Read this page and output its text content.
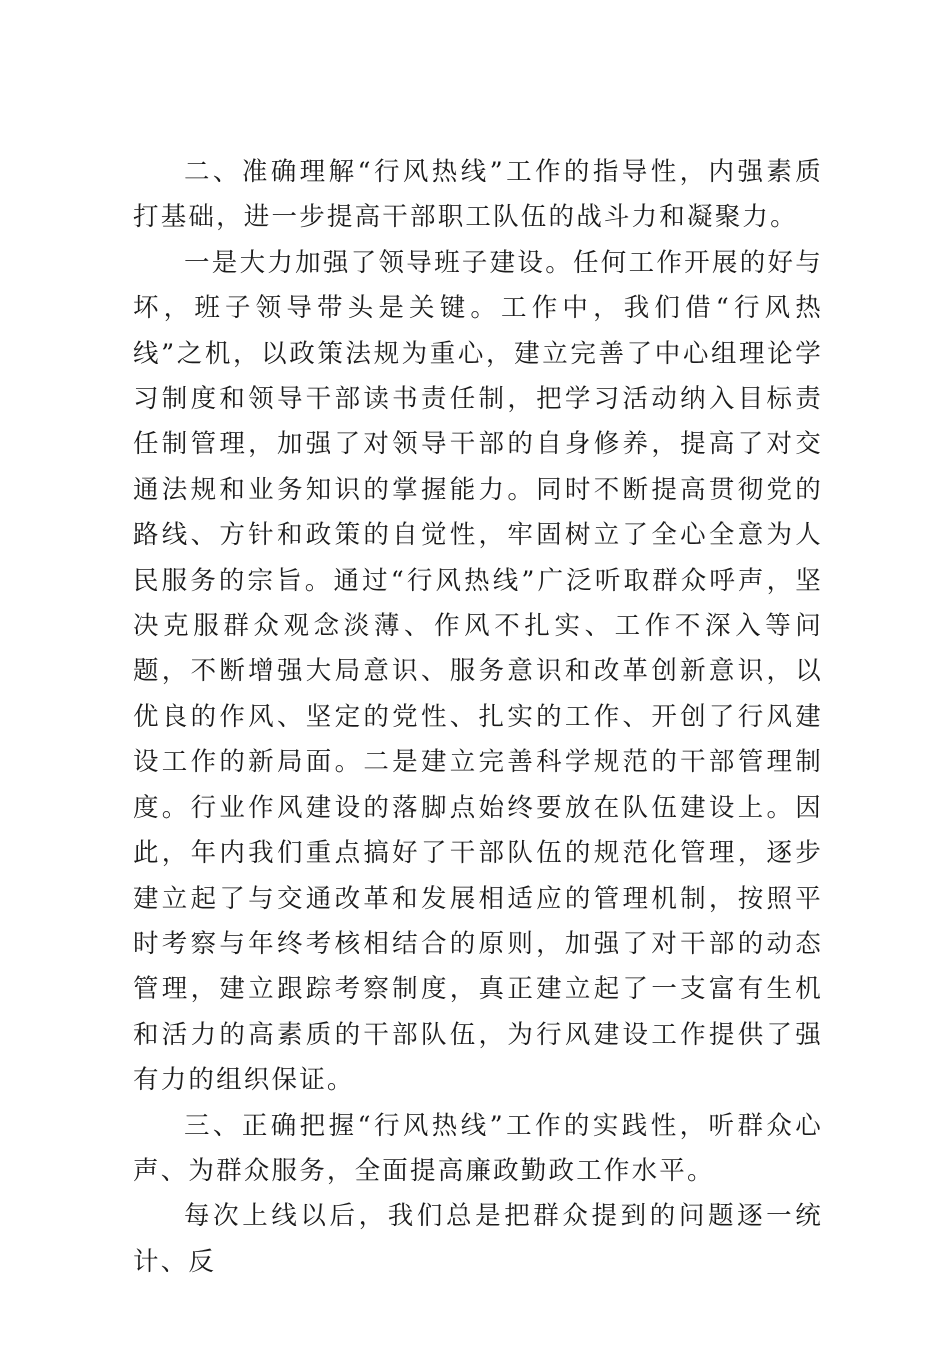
二、准确理解“行风热线”工作的指导性，内强素质打基础，进一步提高干部职工队伍的战斗力和凝聚力。

一是大力加强了领导班子建设。任何工作开展的好与坏，班子领导带头是关键。工作中，我们借“行风热线”之机，以政策法规为重心，建立完善了中心组理论学习制度和领导干部读书责任制，把学习活动纳入目标责任制管理，加强了对领导干部的自身修养，提高了对交通法规和业务知识的掌握能力。同时不断提高贯彻党的路线、方针和政策的自觉性，牢固树立了全心全意为人民服务的宗旨。通过“行风热线”广泛听取群众呼声，坚决克服群众观念淡薄、作风不扎实、工作不深入等问题，不断增强大局意识、服务意识和改革创新意识，以优良的作风、坚定的党性、扎实的工作、开创了行风建设工作的新局面。二是建立完善科学规范的干部管理制度。行业作风建设的落脚点始终要放在队伍建设上。因此，年内我们重点搞好了干部队伍的规范化管理，逐步建立起了与交通改革和发展相适应的管理机制，按照平时考察与年终考核相结合的原则，加强了对干部的动态管理，建立跟踪考察制度，真正建立起了一支富有生机和活力的高素质的干部队伍，为行风建设工作提供了强有力的组织保证。

三、正确把握“行风热线”工作的实践性，听群众心声、为群众服务，全面提高廉政勤政工作水平。

每次上线以后，我们总是把群众提到的问题逐一统计、反
